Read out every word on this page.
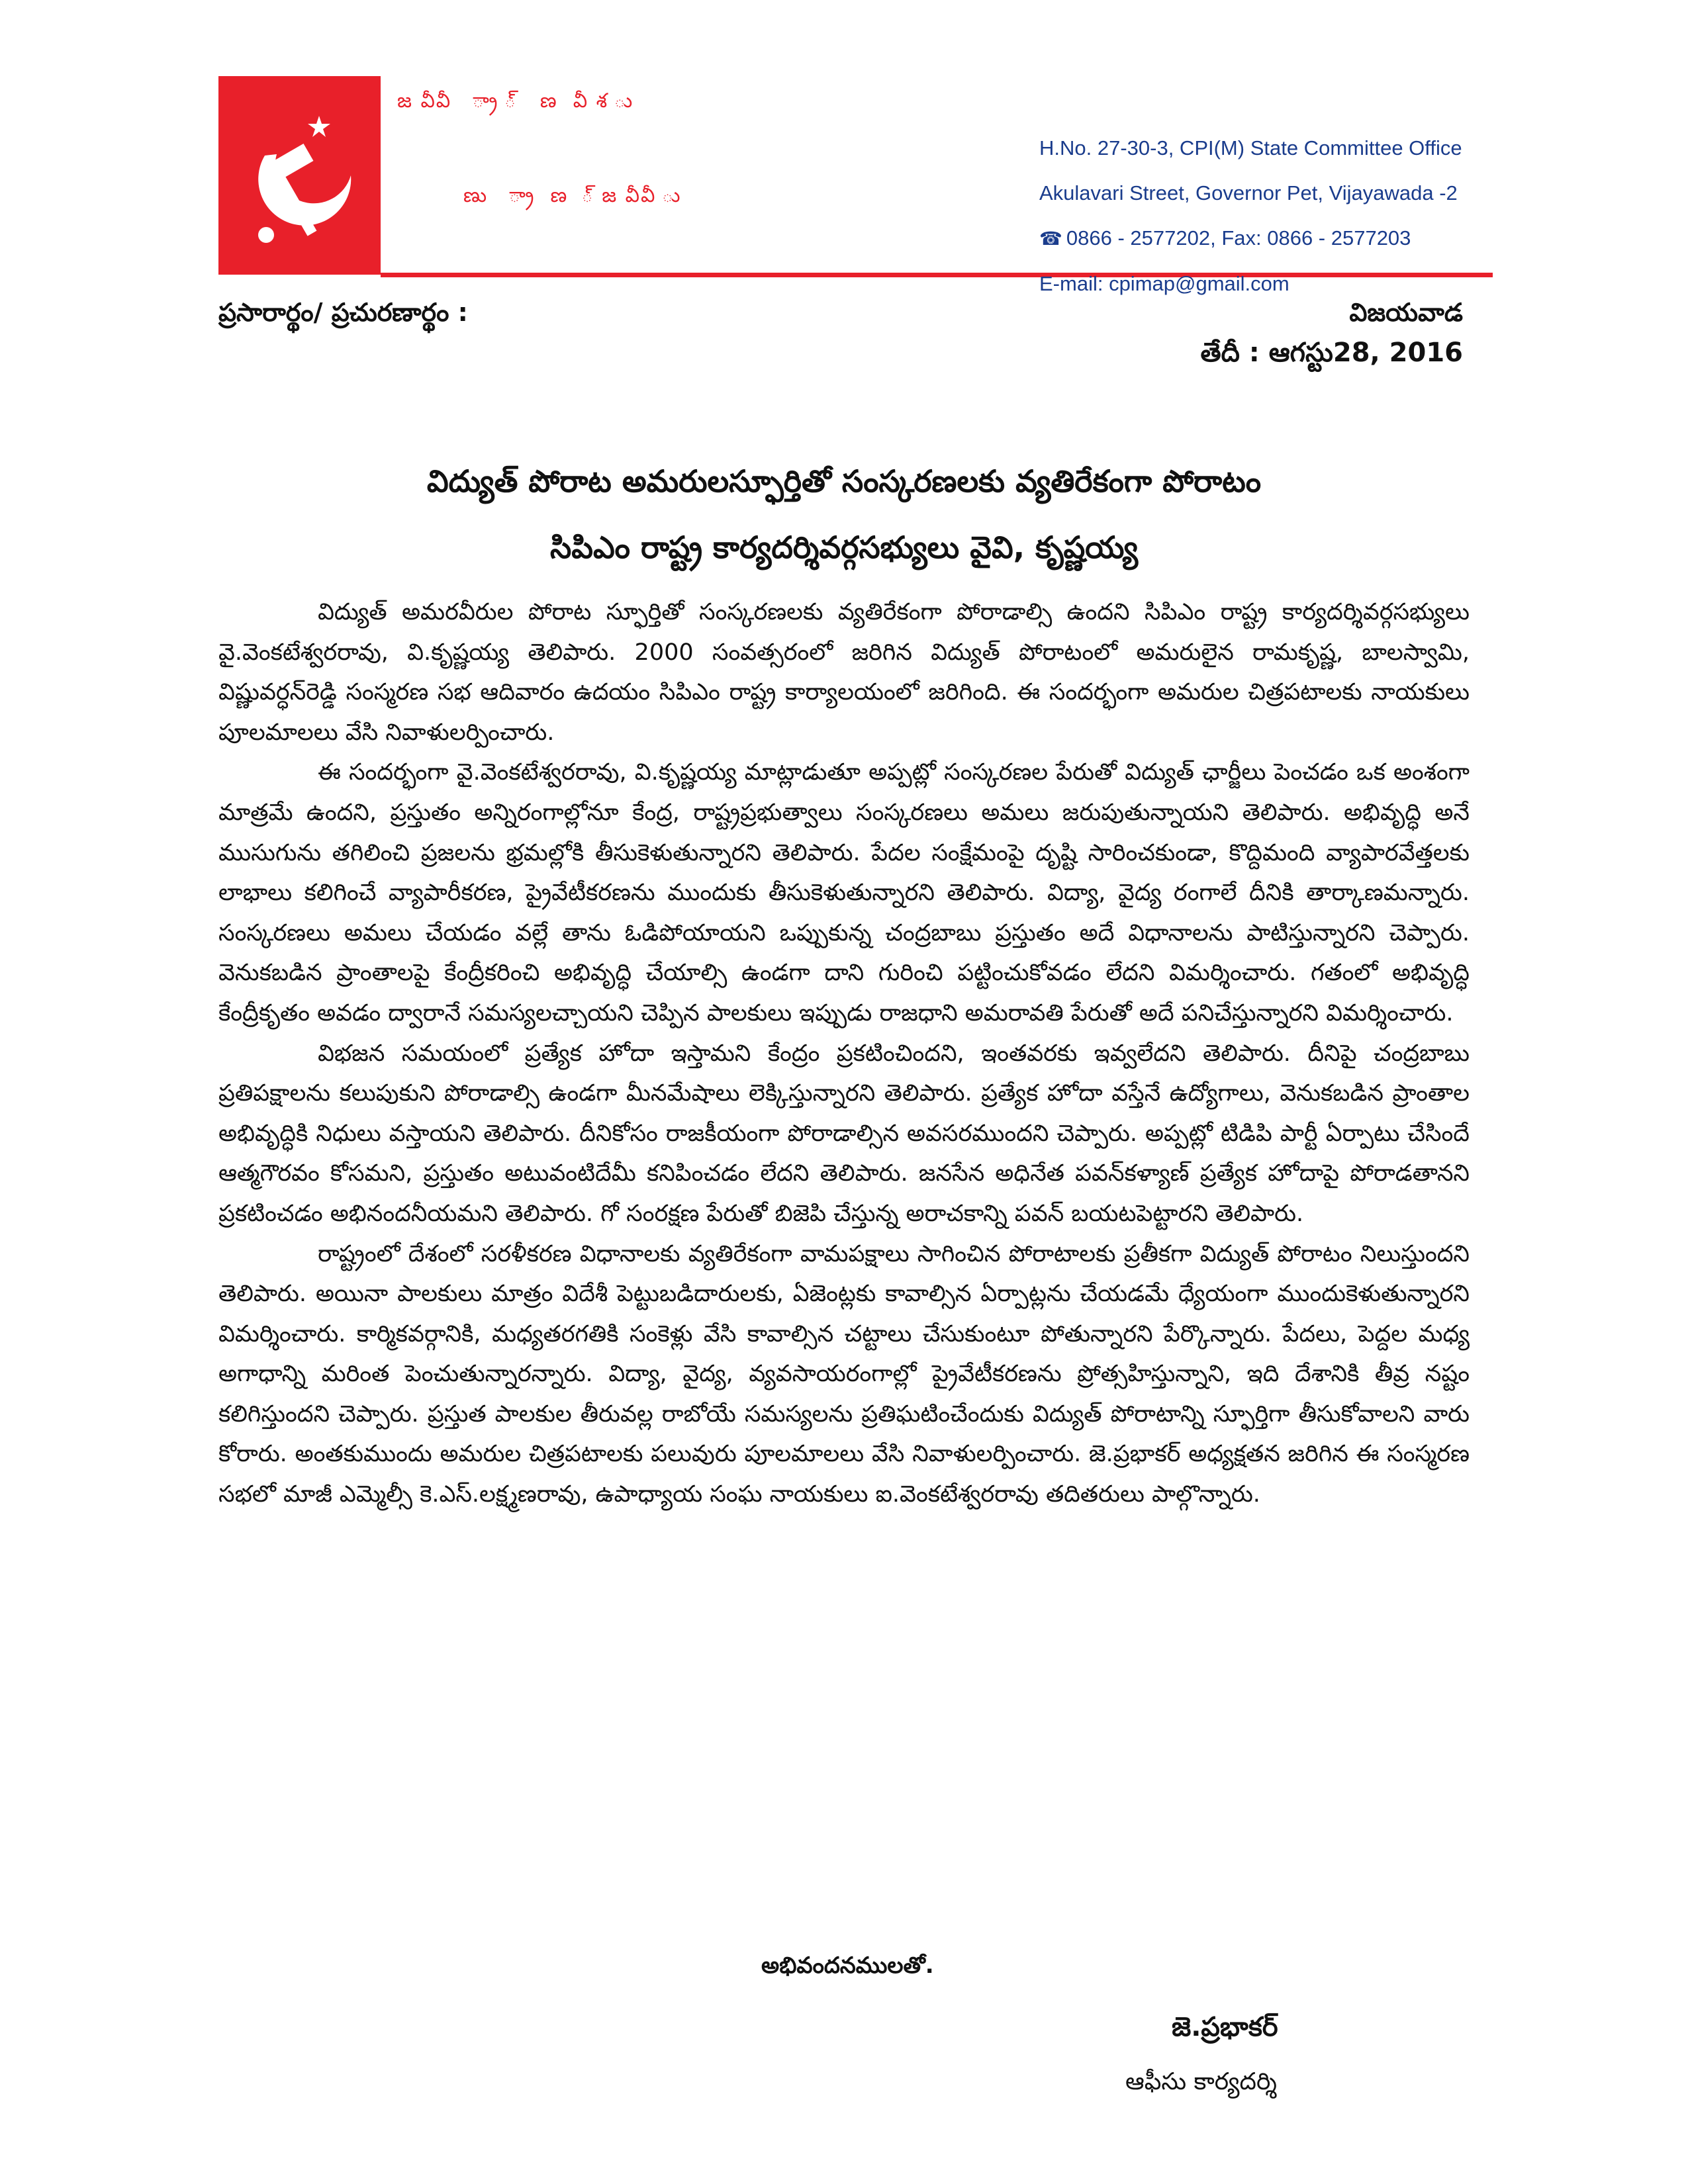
జ వీవీ   ్రా ్   ణ  వీ శ ు
ణు   ్రా  ణ  ్ జ వీవీ ు
H.No. 27-30-3, CPI(M) State Committee Office
Akulavari Street, Governor Pet, Vijayawada -2
☎ 0866 - 2577202, Fax: 0866 - 2577203
E-mail: cpimap@gmail.com
ప్రసారార్థం/ ప్రచురణార్థం :	విజయవాడ
తేదీ : ఆగస్టు28, 2016
విద్యుత్‌ పోరాట అమరులస్ఫూర్తితో సంస్కరణలకు వ్యతిరేకంగా పోరాటం
సిపిఎం రాష్ట్ర కార్యదర్శివర్గసభ్యులు వైవి, కృష్ణయ్య

విద్యుత్‌ అమరవీరుల పోరాట స్ఫూర్తితో సంస్కరణలకు వ్యతిరేకంగా పోరాడాల్సి ఉందని సిపిఎం రాష్ట్ర కార్యదర్శివర్గసభ్యులు వై.వెంకటేశ్వరరావు, వి.కృష్ణయ్య తెలిపారు. 2000 సంవత్సరంలో జరిగిన విద్యుత్‌ పోరాటంలో అమరులైన రామకృష్ణ, బాలస్వామి, విష్ణువర్ధన్‌రెడ్డి సంస్మరణ సభ ఆదివారం ఉదయం సిపిఎం రాష్ట్ర కార్యాలయంలో జరిగింది. ఈ సందర్భంగా అమరుల చిత్రపటాలకు నాయకులు పూలమాలలు వేసి నివాళులర్పించారు.

ఈ సందర్భంగా వై.వెంకటేశ్వరరావు, వి.కృష్ణయ్య మాట్లాడుతూ అప్పట్లో సంస్కరణల పేరుతో విద్యుత్‌ ఛార్జీలు పెంచడం ఒక అంశంగా మాత్రమే ఉందని, ప్రస్తుతం అన్నిరంగాల్లోనూ కేంద్ర, రాష్ట్రప్రభుత్వాలు సంస్కరణలు అమలు జరుపుతున్నాయని తెలిపారు. అభివృద్ధి అనే ముసుగును తగిలించి ప్రజలను భ్రమల్లోకి తీసుకెళుతున్నారని తెలిపారు. పేదల సంక్షేమంపై దృష్టి సారించకుండా, కొద్దిమంది వ్యాపారవేత్తలకు లాభాలు కలిగించే వ్యాపారీకరణ, ప్రైవేటీకరణను ముందుకు తీసుకెళుతున్నారని తెలిపారు. విద్యా, వైద్య రంగాలే దీనికి తార్కాణమన్నారు. సంస్కరణలు అమలు చేయడం వల్లే తాను ఓడిపోయాయని ఒప్పుకున్న చంద్రబాబు ప్రస్తుతం అదే విధానాలను పాటిస్తున్నారని చెప్పారు. వెనుకబడిన ప్రాంతాలపై కేంద్రీకరించి అభివృద్ధి చేయాల్సి ఉండగా దాని గురించి పట్టించుకోవడం లేదని విమర్శించారు. గతంలో అభివృద్ధి కేంద్రీకృతం అవడం ద్వారానే సమస్యలచ్చాయని చెప్పిన పాలకులు ఇప్పుడు రాజధాని అమరావతి పేరుతో అదే పనిచేస్తున్నారని విమర్శించారు.

విభజన సమయంలో ప్రత్యేక హోదా ఇస్తామని కేంద్రం ప్రకటించిందని, ఇంతవరకు ఇవ్వలేదని తెలిపారు. దీనిపై చంద్రబాబు ప్రతిపక్షాలను కలుపుకుని పోరాడాల్సి ఉండగా మీనమేషాలు లెక్కిస్తున్నారని తెలిపారు. ప్రత్యేక హోదా వస్తేనే ఉద్యోగాలు, వెనుకబడిన ప్రాంతాల అభివృద్ధికి నిధులు వస్తాయని తెలిపారు. దీనికోసం రాజకీయంగా పోరాడాల్సిన అవసరముందని చెప్పారు. అప్పట్లో టిడిపి పార్టీ ఏర్పాటు చేసిందే ఆత్మగౌరవం కోసమని, ప్రస్తుతం అటువంటిదేమీ కనిపించడం లేదని తెలిపారు. జనసేన అధినేత పవన్‌కళ్యాణ్‌ ప్రత్యేక హోదాపై పోరాడతానని ప్రకటించడం అభినందనీయమని తెలిపారు. గో సంరక్షణ పేరుతో బిజెపి చేస్తున్న అరాచకాన్ని పవన్‌ బయటపెట్టారని తెలిపారు.

రాష్ట్రంలో దేశంలో సరళీకరణ విధానాలకు వ్యతిరేకంగా వామపక్షాలు సాగించిన పోరాటాలకు ప్రతీకగా విద్యుత్‌ పోరాటం నిలుస్తుందని తెలిపారు. అయినా పాలకులు మాత్రం విదేశీ పెట్టుబడిదారులకు, ఏజెంట్లకు కావాల్సిన ఏర్పాట్లను చేయడమే ధ్యేయంగా ముందుకెళుతున్నారని విమర్శించారు. కార్మికవర్గానికి, మధ్యతరగతికి సంకెళ్లు వేసి కావాల్సిన చట్టాలు చేసుకుంటూ పోతున్నారని పేర్కొన్నారు. పేదలు, పెద్దల మధ్య అగాధాన్ని మరింత పెంచుతున్నారన్నారు. విద్యా, వైద్య, వ్యవసాయరంగాల్లో ప్రైవేటీకరణను ప్రోత్సహిస్తున్నాని, ఇది దేశానికి తీవ్ర నష్టం కలిగిస్తుందని చెప్పారు. ప్రస్తుత పాలకుల తీరువల్ల రాబోయే సమస్యలను ప్రతిఘటించేందుకు విద్యుత్‌ పోరాటాన్ని స్ఫూర్తిగా తీసుకోవాలని వారు కోరారు. అంతకుముందు అమరుల చిత్రపటాలకు పలువురు పూలమాలలు వేసి నివాళులర్పించారు. జె.ప్రభాకర్‌ అధ్యక్షతన జరిగిన ఈ సంస్మరణ సభలో మాజీ ఎమ్మెల్సీ కె.ఎస్‌.లక్ష్మణరావు, ఉపాధ్యాయ సంఘ నాయకులు ఐ.వెంకటేశ్వరరావు తదితరులు పాల్గొన్నారు.

అభివందనములతో.
జె.ప్రభాకర్‌
ఆఫీసు కార్యదర్శి
